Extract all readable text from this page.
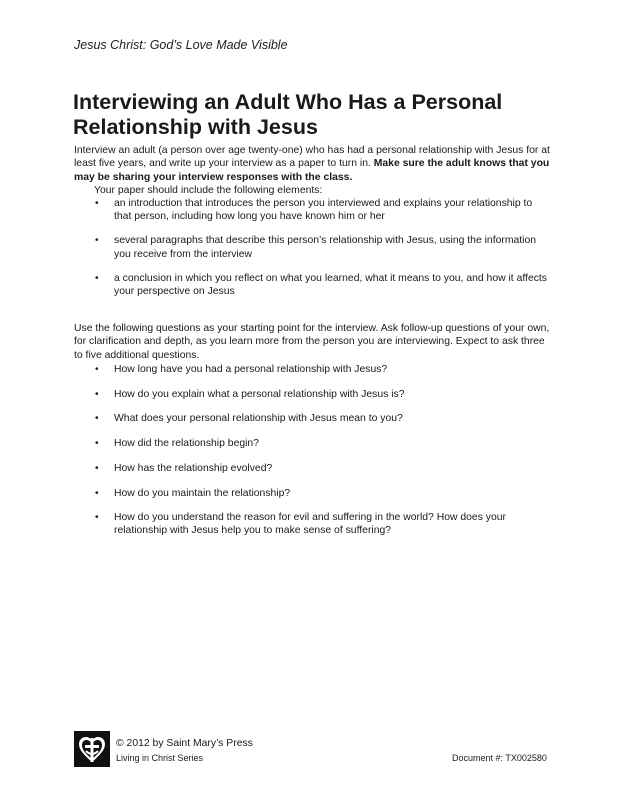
Jesus Christ: God’s Love Made Visible
Interviewing an Adult Who Has a Personal Relationship with Jesus

Interview an adult (a person over age twenty-one) who has had a personal relationship with Jesus for at least five years, and write up your interview as a paper to turn in. Make sure the adult knows that you may be sharing your interview responses with the class.

Your paper should include the following elements:

• an introduction that introduces the person you interviewed and explains your relationship to that person, including how long you have known him or her
• several paragraphs that describe this person’s relationship with Jesus, using the information you receive from the interview
• a conclusion in which you reflect on what you learned, what it means to you, and how it affects your perspective on Jesus

Use the following questions as your starting point for the interview. Ask follow-up questions of your own, for clarification and depth, as you learn more from the person you are interviewing. Expect to ask three to five additional questions.

• How long have you had a personal relationship with Jesus?
• How do you explain what a personal relationship with Jesus is?
• What does your personal relationship with Jesus mean to you?
• How did the relationship begin?
• How has the relationship evolved?
• How do you maintain the relationship?
• How do you understand the reason for evil and suffering in the world? How does your relationship with Jesus help you to make sense of suffering?
© 2012 by Saint Mary’s Press
Living in Christ Series	Document #: TX002580
